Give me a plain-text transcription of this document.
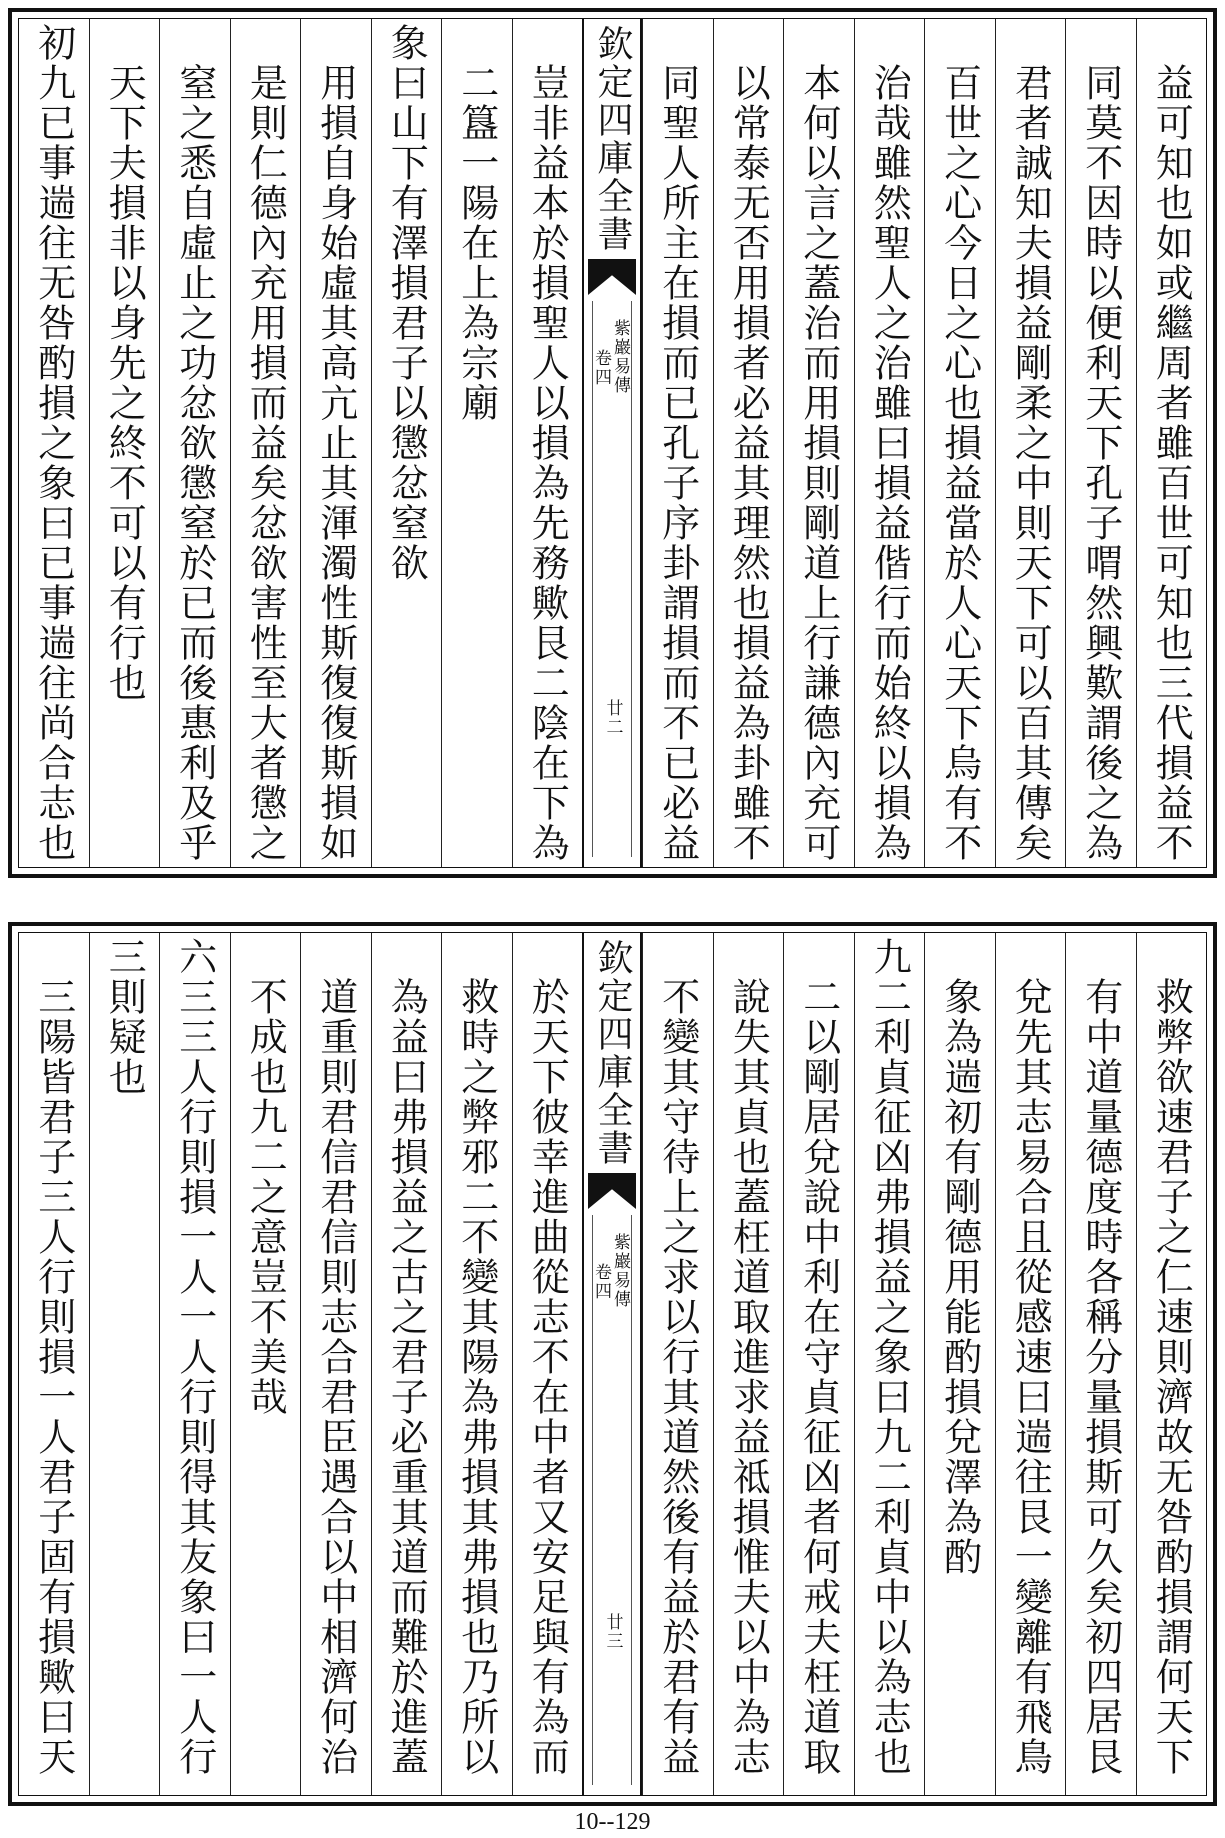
益可知也如或繼周者雖百世可知也三代損益不
同莫不因時以便利天下孔子喟然興歎謂後之為
君者誠知夫損益剛柔之中則天下可以百其傳矣
百世之心今日之心也損益當於人心天下烏有不
治哉雖然聖人之治雖曰損益偕行而始終以損為
本何以言之蓋治而用損則剛道上行謙德內充可
以常泰无否用損者必益其理然也損益為卦雖不
同聖人所主在損而已孔子序卦謂損而不已必益
欽定四庫全書
紫巖易傳
卷四
廿二
豈非益本於損聖人以損為先務歟艮二陰在下為
二簋一陽在上為宗廟
象曰山下有澤損君子以懲忿窒欲
用損自身始虛其高亢止其渾濁性斯復復斯損如
是則仁德內充用損而益矣忿欲害性至大者懲之
窒之悉自虛止之功忿欲懲窒於已而後惠利及乎
天下夫損非以身先之終不可以有行也
初九已事遄往无咎酌損之象曰已事遄往尚合志也
救弊欲速君子之仁速則濟故无咎酌損謂何天下
有中道量德度時各稱分量損斯可久矣初四居艮
兌先其志易合且從感速曰遄往艮一變離有飛鳥
象為遄初有剛德用能酌損兌澤為酌
九二利貞征凶弗損益之象曰九二利貞中以為志也
二以剛居兌說中利在守貞征凶者何戒夫枉道取
說失其貞也蓋枉道取進求益祗損惟夫以中為志
不變其守待上之求以行其道然後有益於君有益
欽定四庫全書
紫巖易傳
卷四
廿三
於天下彼幸進曲從志不在中者又安足與有為而
救時之弊邪二不變其陽為弗損其弗損也乃所以
為益曰弗損益之古之君子必重其道而難於進蓋
道重則君信君信則志合君臣遇合以中相濟何治
不成也九二之意豈不美哉
六三三人行則損一人一人行則得其友象曰一人行
三則疑也
三陽皆君子三人行則損一人君子固有損歟曰天
10--129
